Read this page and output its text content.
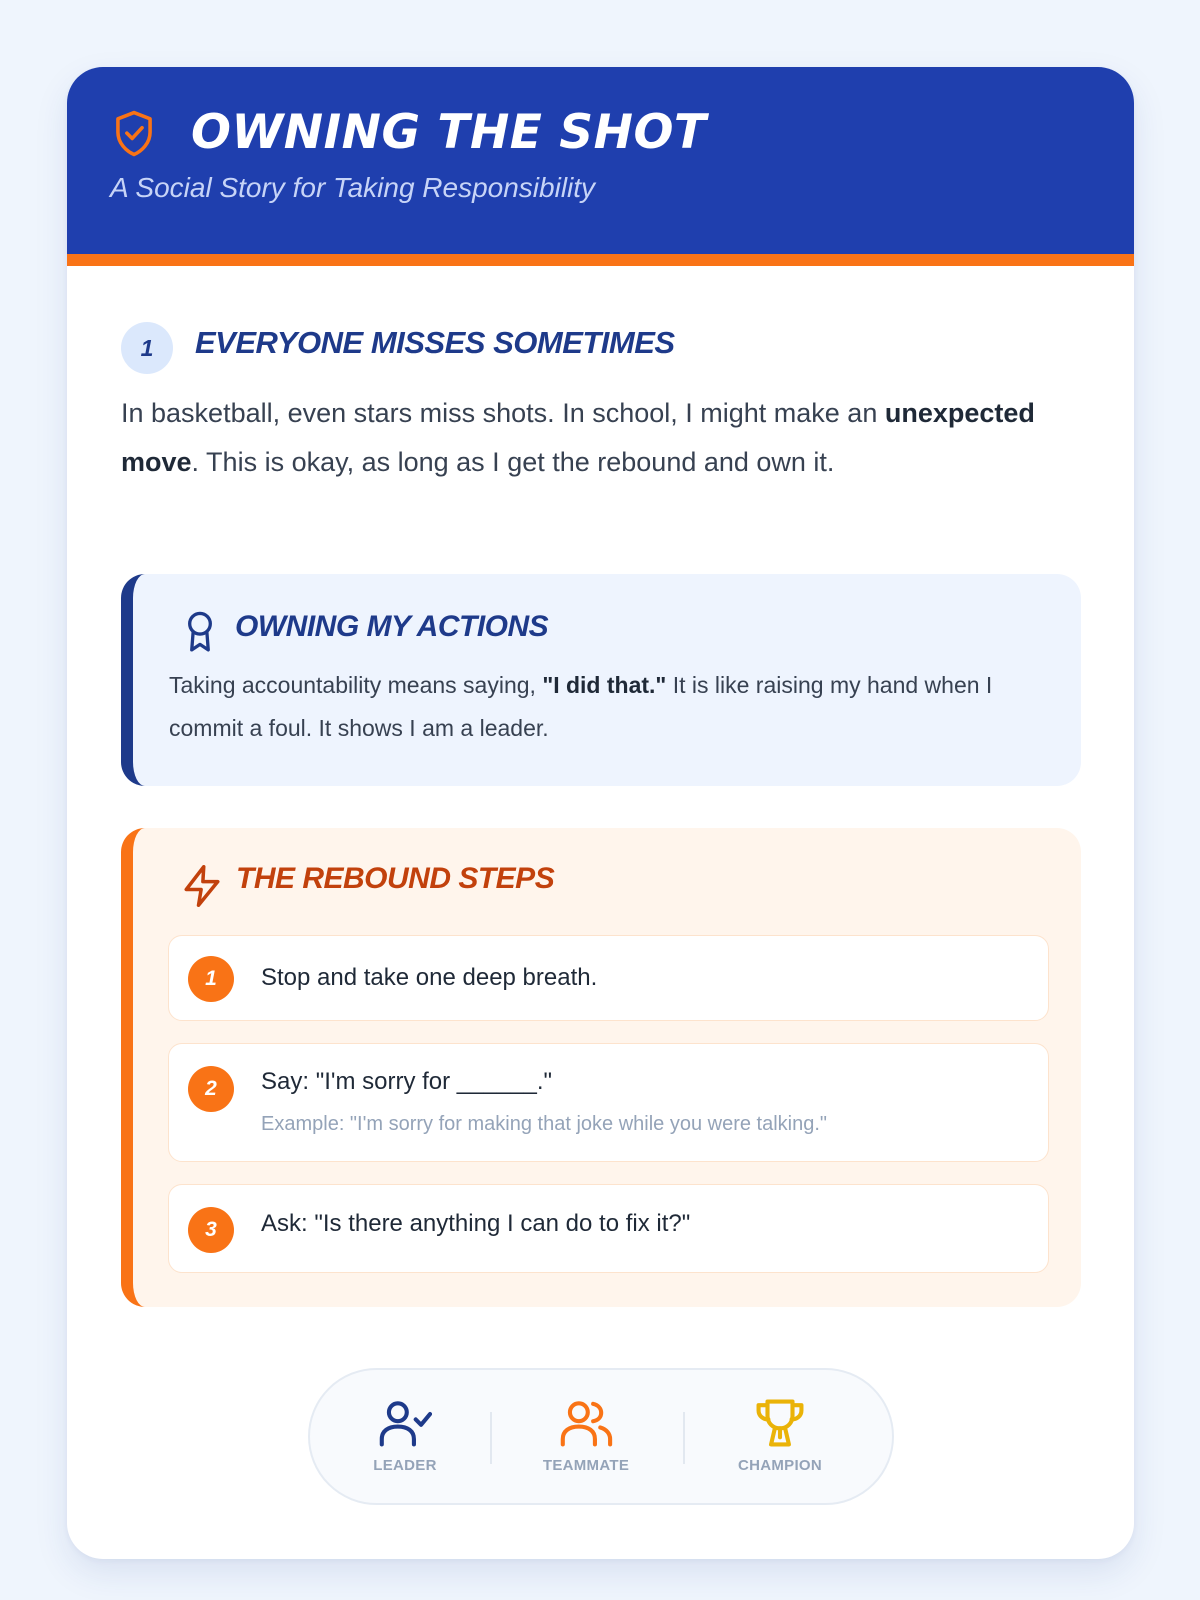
OWNING THE SHOT
A Social Story for Taking Responsibility
1	EVERYONE MISSES SOMETIMES

In basketball, even stars miss shots. In school, I might make an unexpected move. This is okay, as long as I get the rebound and own it.

OWNING MY ACTIONS

Taking accountability means saying, "I did that." It is like raising my hand when I commit a foul. It shows I am a leader.

THE REBOUND STEPS
1	Stop and take one deep breath.
2	Say: "I'm sorry for ______."
Example: "I'm sorry for making that joke while you were talking."
3	Ask: "Is there anything I can do to fix it?"
LEADER	TEAMMATE	CHAMPION
